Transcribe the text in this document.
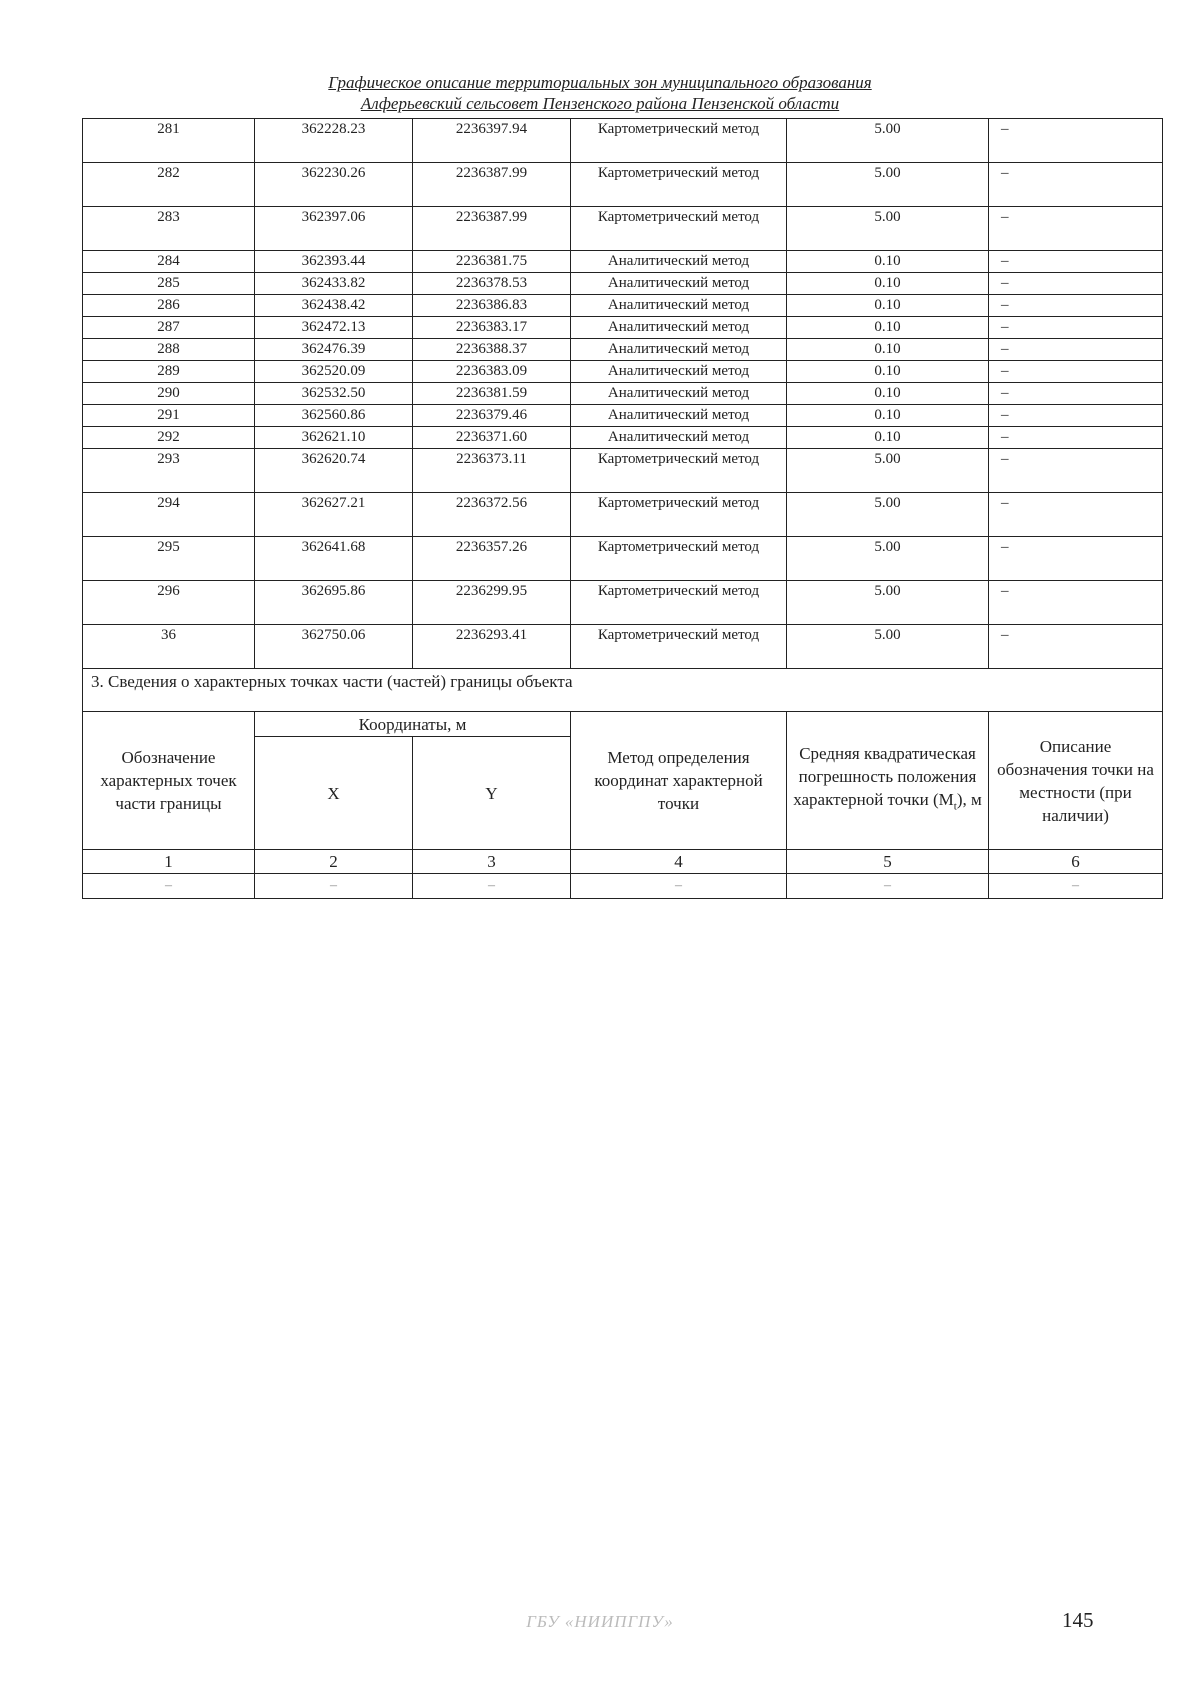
Графическое описание территориальных зон муниципального образования
Алферьевский сельсовет Пензенского района Пензенской области
281	362228.23	2236397.94	Картометрический метод	5.00	–
282	362230.26	2236387.99	Картометрический метод	5.00	–
283	362397.06	2236387.99	Картометрический метод	5.00	–
284	362393.44	2236381.75	Аналитический метод	0.10	–
285	362433.82	2236378.53	Аналитический метод	0.10	–
286	362438.42	2236386.83	Аналитический метод	0.10	–
287	362472.13	2236383.17	Аналитический метод	0.10	–
288	362476.39	2236388.37	Аналитический метод	0.10	–
289	362520.09	2236383.09	Аналитический метод	0.10	–
290	362532.50	2236381.59	Аналитический метод	0.10	–
291	362560.86	2236379.46	Аналитический метод	0.10	–
292	362621.10	2236371.60	Аналитический метод	0.10	–
293	362620.74	2236373.11	Картометрический метод	5.00	–
294	362627.21	2236372.56	Картометрический метод	5.00	–
295	362641.68	2236357.26	Картометрический метод	5.00	–
296	362695.86	2236299.95	Картометрический метод	5.00	–
36	362750.06	2236293.41	Картометрический метод	5.00	–
3. Сведения о характерных точках части (частей) границы объекта					
Обозначение характерных точек части границы	Координаты, м		Метод определения координат характерной точки	Средняя квадратическая погрешность положения характерной точки $(M_t)$, м	Описание обозначения точки на местности (при наличии)
	X	Y			
1	2	3	4	5	6
–	–	–	–	–	–
ГБУ «НИИПГПУ»	145
